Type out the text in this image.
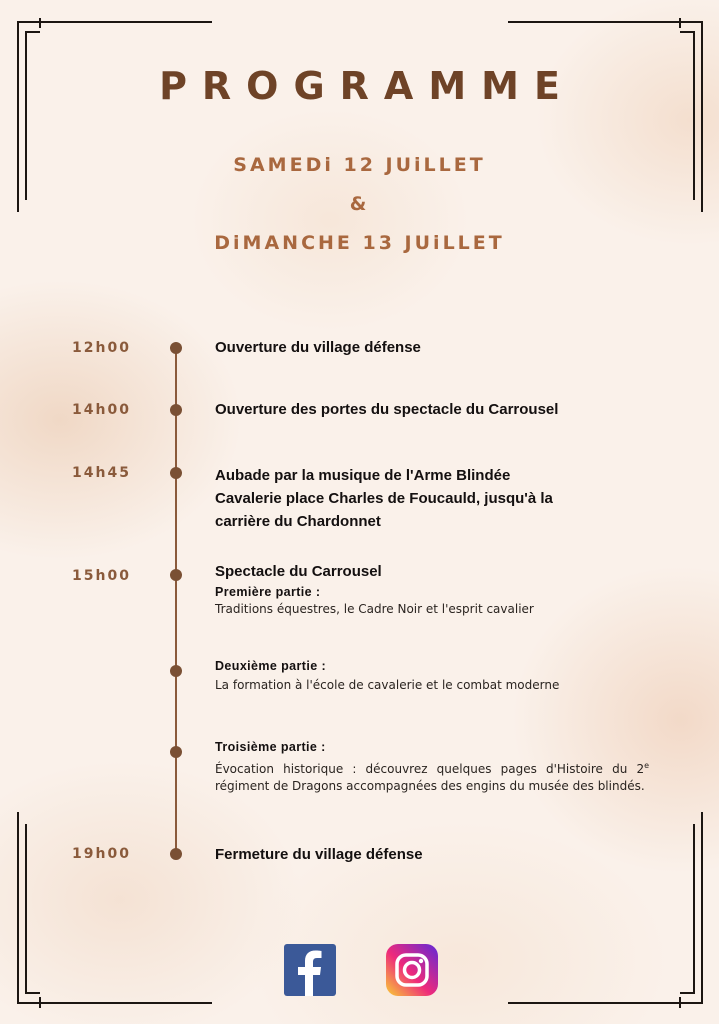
PROGRAMME
SAMEDi 12 JUiLLET
&
DiMANCHE 13 JUiLLET
12h00	Ouverture du village défense
14h00	Ouverture des portes du spectacle du Carrousel
14h45	Aubade par la musique de l'Arme Blindée
Cavalerie place Charles de Foucauld, jusqu'à la
carrière du Chardonnet
15h00	Spectacle du Carrousel
Première partie :
Traditions équestres, le Cadre Noir et l'esprit cavalier
Deuxième partie :
La formation à l'école de cavalerie et le combat moderne
Troisième partie :
Évocation historique : découvrez quelques pages d'Histoire du 2e régiment de Dragons accompagnées des engins du musée des blindés.
19h00	Fermeture du village défense
